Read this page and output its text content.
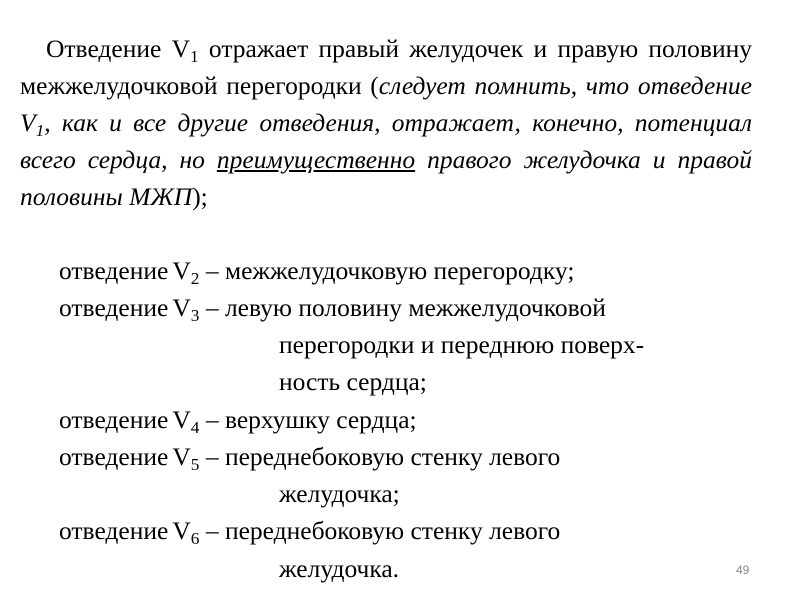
Отведение $V_1$ отражает правый желудочек и правую половину межжелудочковой перегородки (следует помнить, что отведение $V_1$, как и все другие отведения, отражает, конечно, потенциал всего сердца, но преимущественно правого желудочка и правой половины МЖП);

отведение $V_2$ – межжелудочковую перегородку;
отведение $V_3$ – левую половину межжелудочковой
перегородки и переднюю поверх-
ность сердца;
отведение $V_4$ – верхушку сердца;
отведение $V_5$ – переднебоковую стенку левого
желудочка;
отведение $V_6$ – переднебоковую стенку левого
желудочка.	49
